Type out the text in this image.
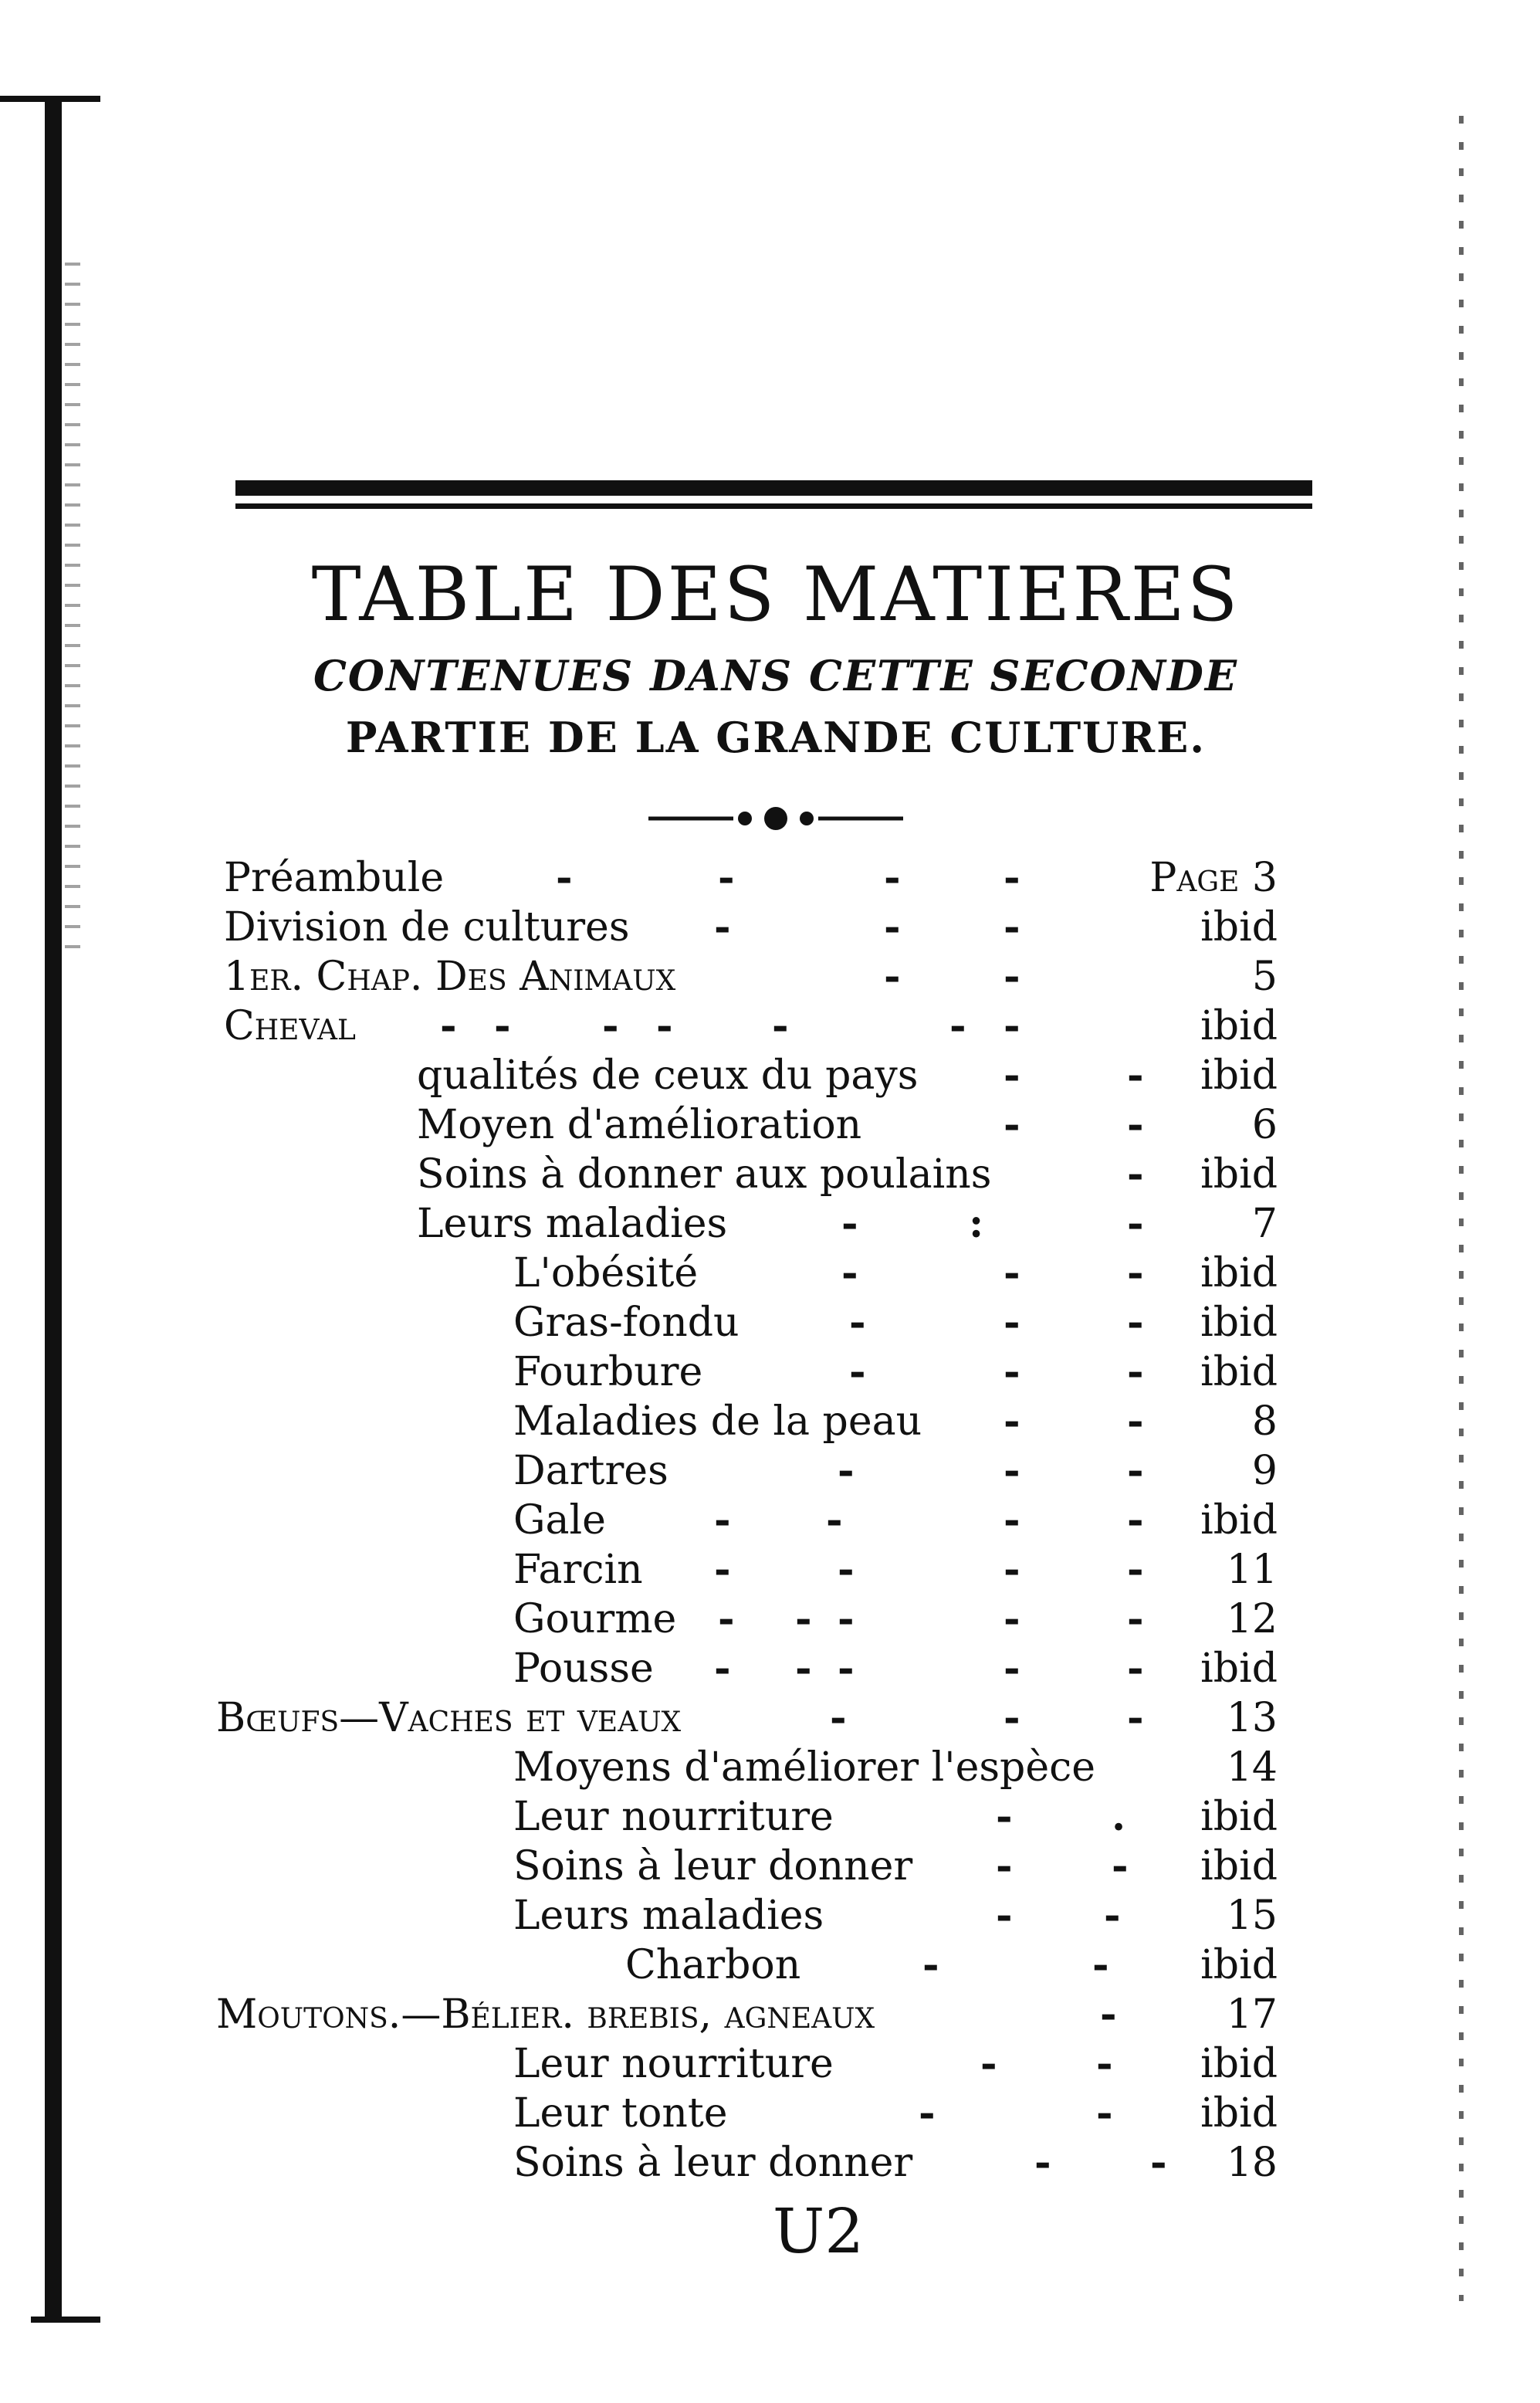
TABLE DES MATIERES
CONTENUES DANS CETTE SECONDE
PARTIE DE LA GRANDE CULTURE.
Préambule	-	-	-	-	Page 3
Division de cultures -	-	-	ibid
1er. Chap. Des Animaux	-	-	5
Cheval - - - - -	- -	ibid
qualités de ceux du pays -	- ibid
Moyen d'amélioration	-	-	6
Soins à donner aux poulains	- ibid
Leurs maladies	-	:	-	7
L'obésité	-	-	- ibid
Gras-fondu	-	-	- ibid
Fourbure	-	-	- ibid
Maladies de la peau -	-	8
Dartres	-	-	-	9
Gale	- -	-	- ibid
Farcin -	-	-	- 11
Gourme - - -	-	- 12
Pousse - - -	-	- ibid
Bœufs—Vaches et veaux	-	-	- 13
Moyens d'améliorer l'espèce	14
Leur nourriture	- . ibid
Soins à leur donner - - ibid
Leurs maladies	- -	15
Charbon	-	- ibid
Moutons.—Bélier. brebis, agneaux	-	17
Leur nourriture	- - ibid
Leur tonte	-	- ibid
Soins à leur donner	- - 18
U2
